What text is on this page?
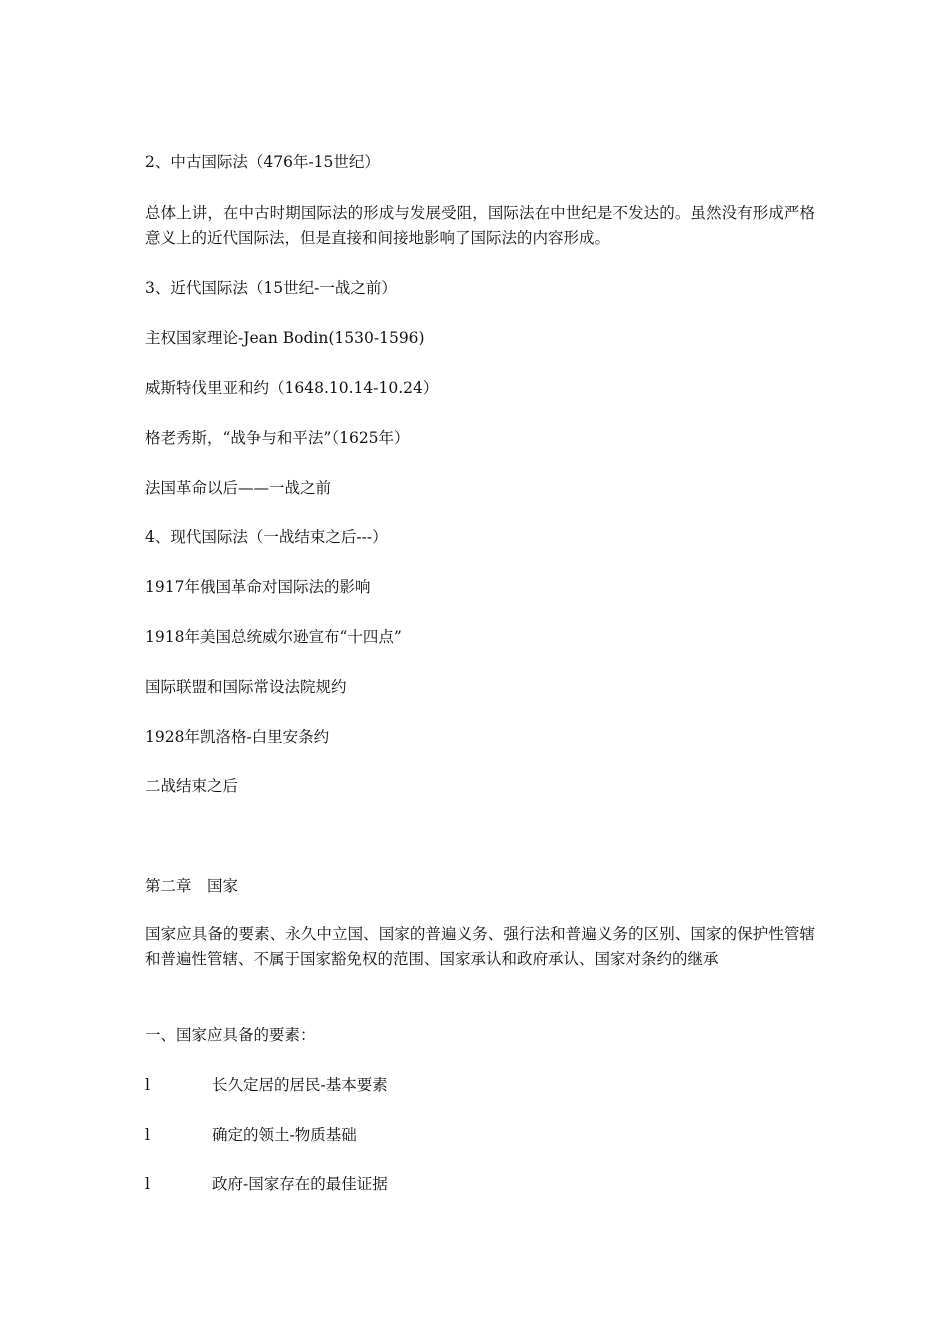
2、中古国际法（476年-15世纪）
总体上讲，在中古时期国际法的形成与发展受阻，国际法在中世纪是不发达的。虽然没有形成严格意义上的近代国际法，但是直接和间接地影响了国际法的内容形成。
3、近代国际法（15世纪-一战之前）
主权国家理论-Jean Bodin(1530-1596)
威斯特伐里亚和约（1648.10.14-10.24）
格老秀斯，“战争与和平法”（1625年）
法国革命以后——一战之前
4、现代国际法（一战结束之后---）
1917年俄国革命对国际法的影响
1918年美国总统威尔逊宣布“十四点”
国际联盟和国际常设法院规约
1928年凯洛格-白里安条约
二战结束之后
第二章　国家
国家应具备的要素、永久中立国、国家的普遍义务、强行法和普遍义务的区别、国家的保护性管辖和普遍性管辖、不属于国家豁免权的范围、国家承认和政府承认、国家对条约的继承
一、国家应具备的要素：
l	长久定居的居民-基本要素
l	确定的领土-物质基础
l	政府-国家存在的最佳证据
